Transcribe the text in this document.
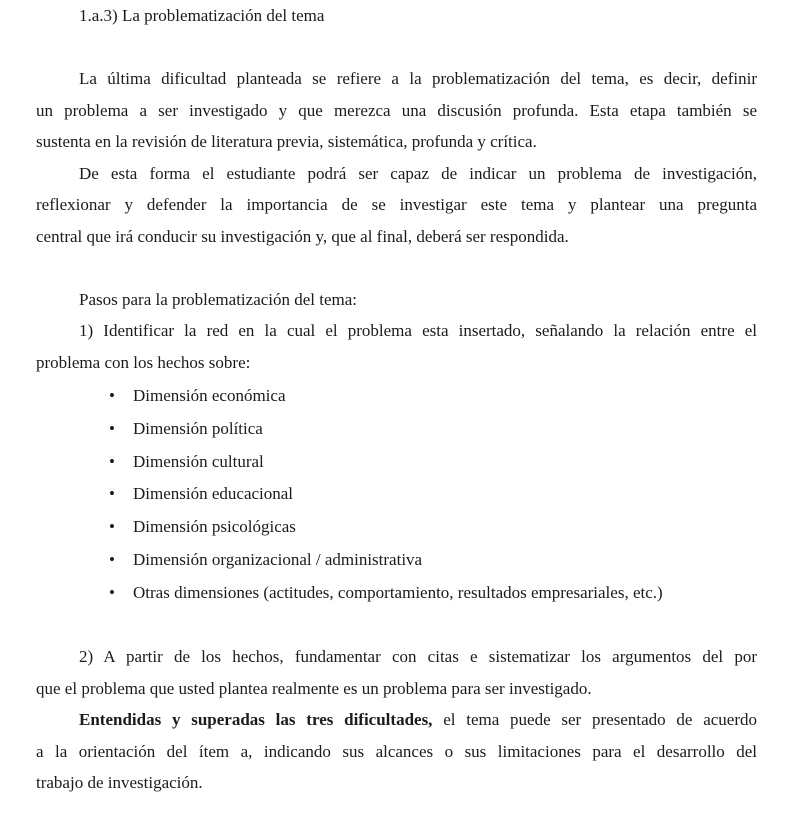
1.a.3) La problematización del tema
La última dificultad planteada se refiere a la problematización del tema, es decir, definir
un problema a ser investigado y que merezca una discusión profunda. Esta etapa también se
sustenta en la revisión de literatura previa, sistemática, profunda y crítica.
De esta forma el estudiante podrá ser capaz de indicar un problema de investigación,
reflexionar y defender la importancia de se investigar este tema y plantear una pregunta
central que irá conducir su investigación y, que al final, deberá ser respondida.
Pasos para la problematización del tema:
1) Identificar la red en la cual el problema esta insertado, señalando la relación entre el
problema con los hechos sobre:
• Dimensión económica
• Dimensión política
• Dimensión cultural
• Dimensión educacional
• Dimensión psicológicas
• Dimensión organizacional / administrativa
• Otras dimensiones (actitudes, comportamiento, resultados empresariales, etc.)
2) A partir de los hechos, fundamentar con citas e sistematizar los argumentos del por
que el problema que usted plantea realmente es un problema para ser investigado.
Entendidas y superadas las tres dificultades, el tema puede ser presentado de acuerdo
a la orientación del ítem a, indicando sus alcances o sus limitaciones para el desarrollo del
trabajo de investigación.
